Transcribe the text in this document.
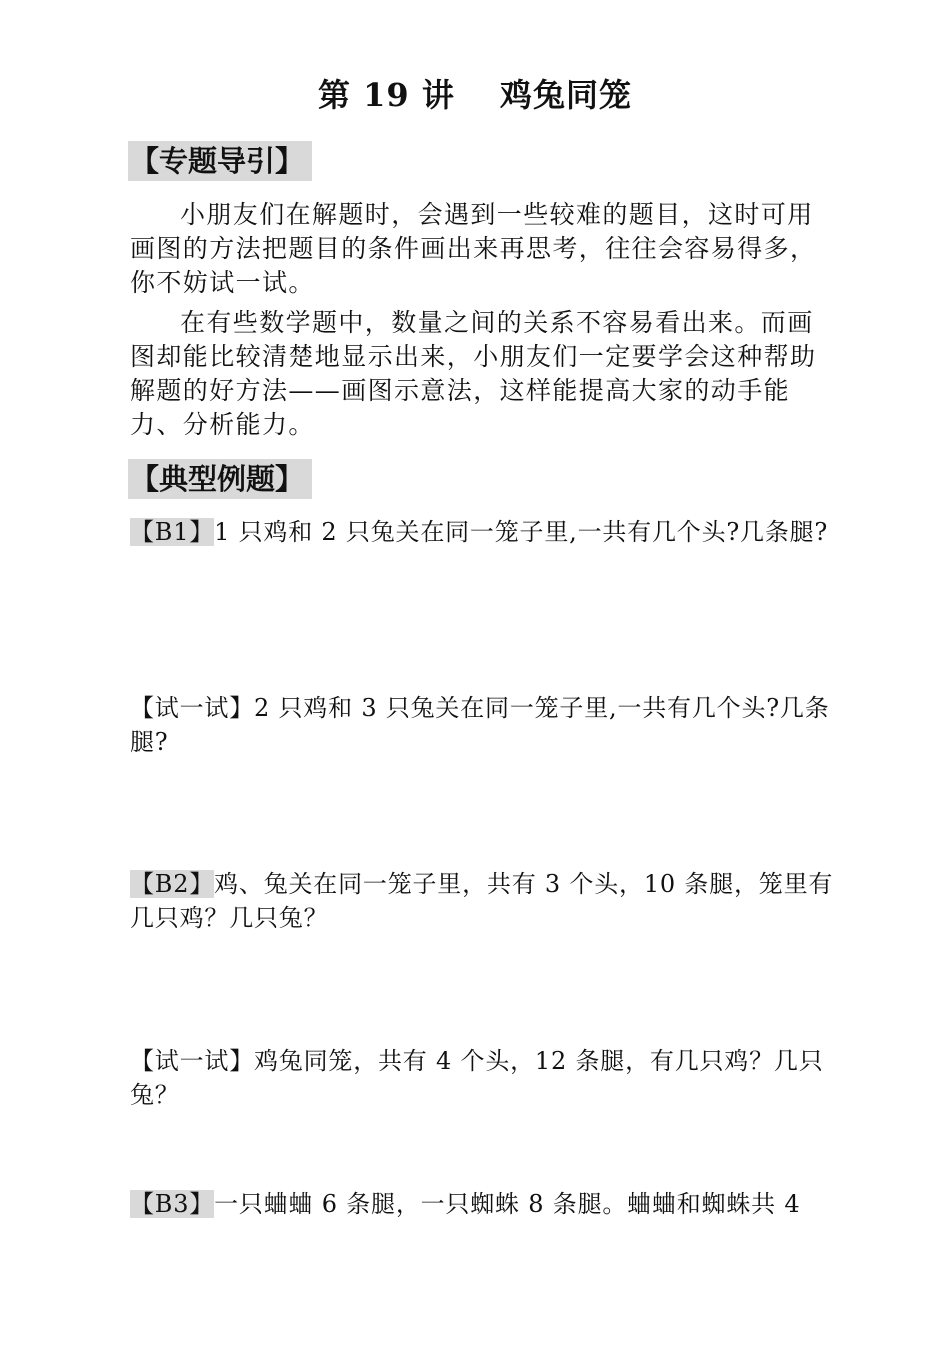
第 19 讲　 鸡兔同笼
【专题导引】
小朋友们在解题时，会遇到一些较难的题目，这时可用画图的方法把题目的条件画出来再思考，往往会容易得多，你不妨试一试。
在有些数学题中，数量之间的关系不容易看出来。而画图却能比较清楚地显示出来，小朋友们一定要学会这种帮助解题的好方法——画图示意法，这样能提高大家的动手能力、分析能力。
【典型例题】
【B1】1 只鸡和 2 只兔关在同一笼子里,一共有几个头?几条腿?
【试一试】2 只鸡和 3 只兔关在同一笼子里,一共有几个头?几条腿?
【B2】鸡、兔关在同一笼子里，共有 3 个头，10 条腿，笼里有几只鸡？几只兔？
【试一试】鸡兔同笼，共有 4 个头，12 条腿，有几只鸡？几只兔？
【B3】一只蛐蛐 6 条腿，一只蜘蛛 8 条腿。蛐蛐和蜘蛛共 4
